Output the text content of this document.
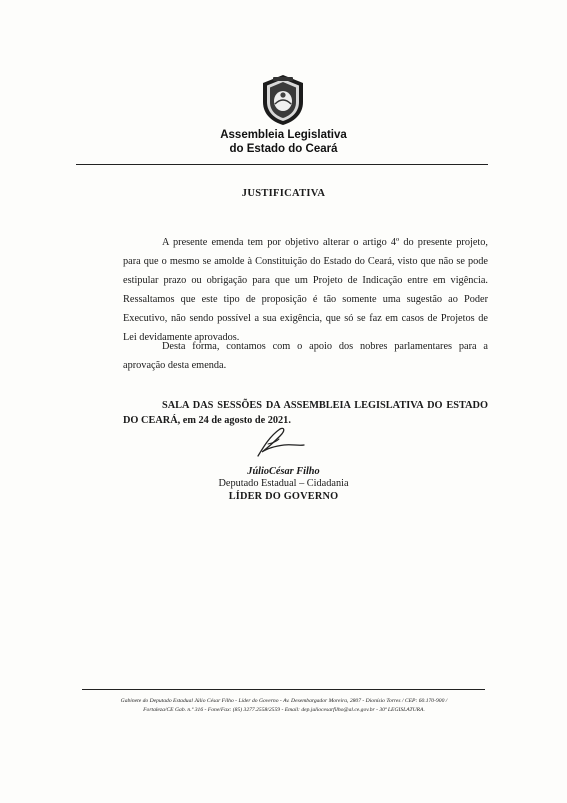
Assembleia Legislativa
do Estado do Ceará
JUSTIFICATIVA

A presente emenda tem por objetivo alterar o artigo 4º do presente projeto, para que o mesmo se amolde à Constituição do Estado do Ceará, visto que não se pode estipular prazo ou obrigação para que um Projeto de Indicação entre em vigência. Ressaltamos que este tipo de proposição é tão somente uma sugestão ao Poder Executivo, não sendo possível a sua exigência, que só se faz em casos de Projetos de Lei devidamente aprovados.

Desta forma, contamos com o apoio dos nobres parlamentares para a aprovação desta emenda.

SALA DAS SESSÕES DA ASSEMBLEIA LEGISLATIVA DO ESTADO DO CEARÁ, em 24 de agosto de 2021.

JúlioCésar Filho
Deputado Estadual – Cidadania
LÍDER DO GOVERNO
Gabinete do Deputado Estadual Júlio César Filho - Líder do Governo - Av. Desembargador Moreira, 2807 - Dionísio Torres / CEP: 60.170-900 /
Fortaleza/CE Gab. n.º 316 - Fone/Fax: (85) 3277.2558/2559 - Email: dep.juliocesarfilho@al.ce.gov.br - 30ª LEGISLATURA.
